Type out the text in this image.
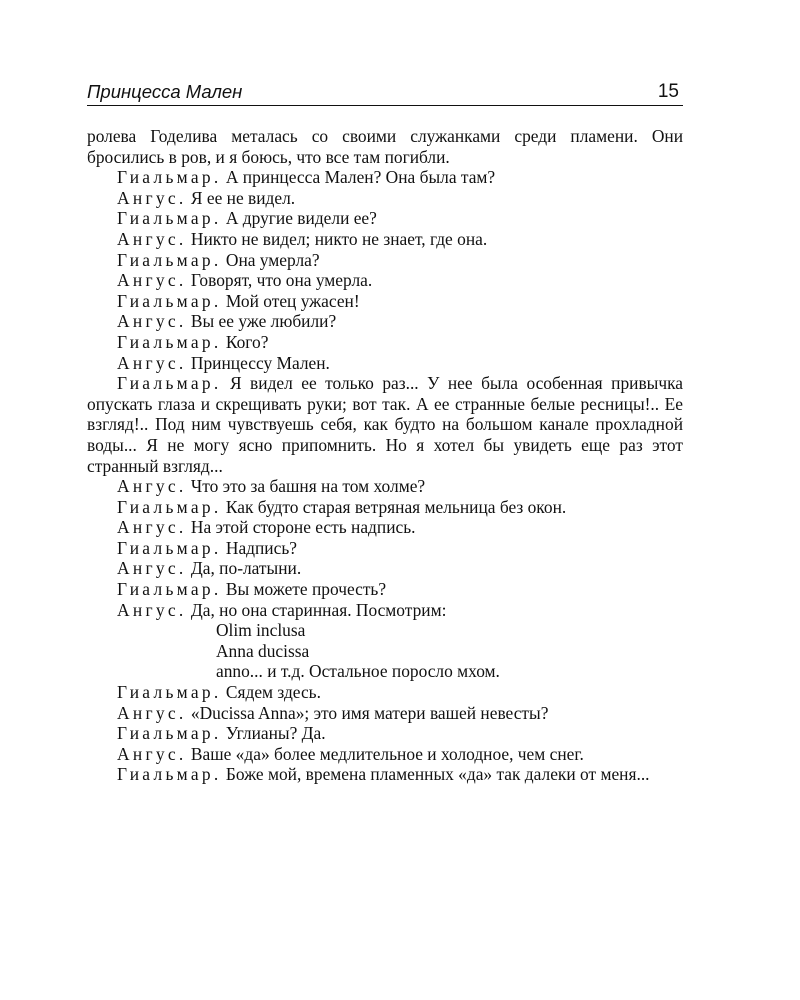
Принцесса Мален	15
ролева Годелива металась со своими служанками среди пламени. Они бросились в ров, и я боюсь, что все там погибли.
Гиальмар. А принцесса Мален? Она была там?
Ангус. Я ее не видел.
Гиальмар. А другие видели ее?
Ангус. Никто не видел; никто не знает, где она.
Гиальмар. Она умерла?
Ангус. Говорят, что она умерла.
Гиальмар. Мой отец ужасен!
Ангус. Вы ее уже любили?
Гиальмар. Кого?
Ангус. Принцессу Мален.
Гиальмар. Я видел ее только раз... У нее была особенная привычка опускать глаза и скрещивать руки; вот так. А ее странные белые ресницы!.. Ее взгляд!.. Под ним чувствуешь себя, как будто на большом канале прохладной воды... Я не могу ясно припомнить. Но я хотел бы увидеть еще раз этот странный взгляд...
Ангус. Что это за башня на том холме?
Гиальмар. Как будто старая ветряная мельница без окон.
Ангус. На этой стороне есть надпись.
Гиальмар. Надпись?
Ангус. Да, по-латыни.
Гиальмар. Вы можете прочесть?
Ангус. Да, но она старинная. Посмотрим:
Olim inclusa
Anna ducissa
anno... и т.д. Остальное поросло мхом.
Гиальмар. Сядем здесь.
Ангус. «Ducissa Anna»; это имя матери вашей невесты?
Гиальмар. Углианы? Да.
Ангус. Ваше «да» более медлительное и холодное, чем снег.
Гиальмар. Боже мой, времена пламенных «да» так далеки от меня...
